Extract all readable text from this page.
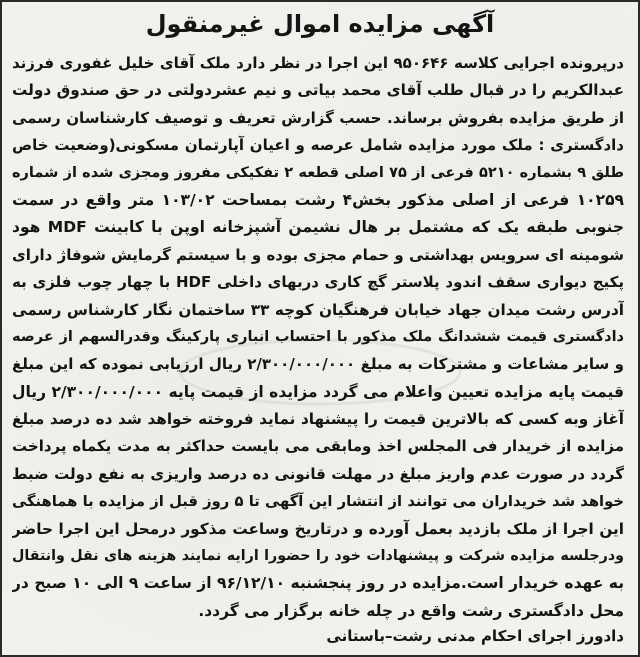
آگهی مزایده اموال غیرمنقول
درپرونده اجرایی کلاسه ۹۵۰۶۴۶ این اجرا در نظر دارد ملک آقای خلیل غفوری فرزند
عبدالکریم را در قبال طلب آقای محمد بیاتی و نیم عشردولتی در حق صندوق دولت
از طریق مزایده بفروش برساند. حسب گزارش تعریف و توصیف کارشناسان رسمی
دادگستری : ملک مورد مزایده شامل عرصه و اعیان آپارتمان مسکونی(وضعیت خاص
طلق ۹ بشماره ۵۲۱۰ فرعی از ۷۵ اصلی قطعه ۲ تفکیکی مفروز ومجزی شده از شماره
۱۰۲۵۹ فرعی از اصلی مذکور بخش۴ رشت بمساحت ۱۰۳/۰۲ متر واقع در سمت
جنوبی طبقه یک که مشتمل بر هال نشیمن آشپزخانه اوپن با کابینت MDF هود
شومینه ای سرویس بهداشتی و حمام مجزی بوده و با سیستم گرمایش شوفاژ دارای
پکیج دیواری سقف اندود پلاستر گچ کاری دربهای داخلی HDF با چهار چوب فلزی به
آدرس رشت میدان جهاد خیابان فرهنگیان کوچه ۳۳ ساختمان نگار کارشناس رسمی
دادگستری قیمت ششدانگ ملک مذکور با احتساب انباری پارکینگ وقدرالسهم از عرصه
و سایر مشاعات و مشترکات به مبلغ ۲/۳۰۰/۰۰۰/۰۰۰ ریال ارزیابی نموده که این مبلغ
قیمت پایه مزایده تعیین واعلام می گردد مزایده از قیمت پایه ۲/۳۰۰/۰۰۰/۰۰۰ ریال
آغاز وبه کسی که بالاترین قیمت را پیشنهاد نماید فروخته خواهد شد ده درصد مبلغ
مزایده از خریدار فی المجلس اخذ ومابقی می بایست حداکثر به مدت یکماه پرداخت
گردد در صورت عدم واریز مبلغ در مهلت قانونی ده درصد واریزی به نفع دولت ضبط
خواهد شد خریداران می توانند از انتشار این آگهی تا ۵ روز قبل از مزایده با هماهنگی
این اجرا از ملک بازدید بعمل آورده و درتاریخ وساعت مذکور درمحل این اجرا حاضر
ودرجلسه مزایده شرکت و پیشنهادات خود را حضورا ارایه نمایند هزینه های نقل وانتقال
به عهده خریدار است.مزایده در روز پنجشنبه ۹۶/۱۲/۱۰ از ساعت ۹ الی ۱۰ صبح در
محل دادگستری رشت واقع در چله خانه برگزار می گردد.
دادورز اجرای احکام مدنی رشت–باستانی
